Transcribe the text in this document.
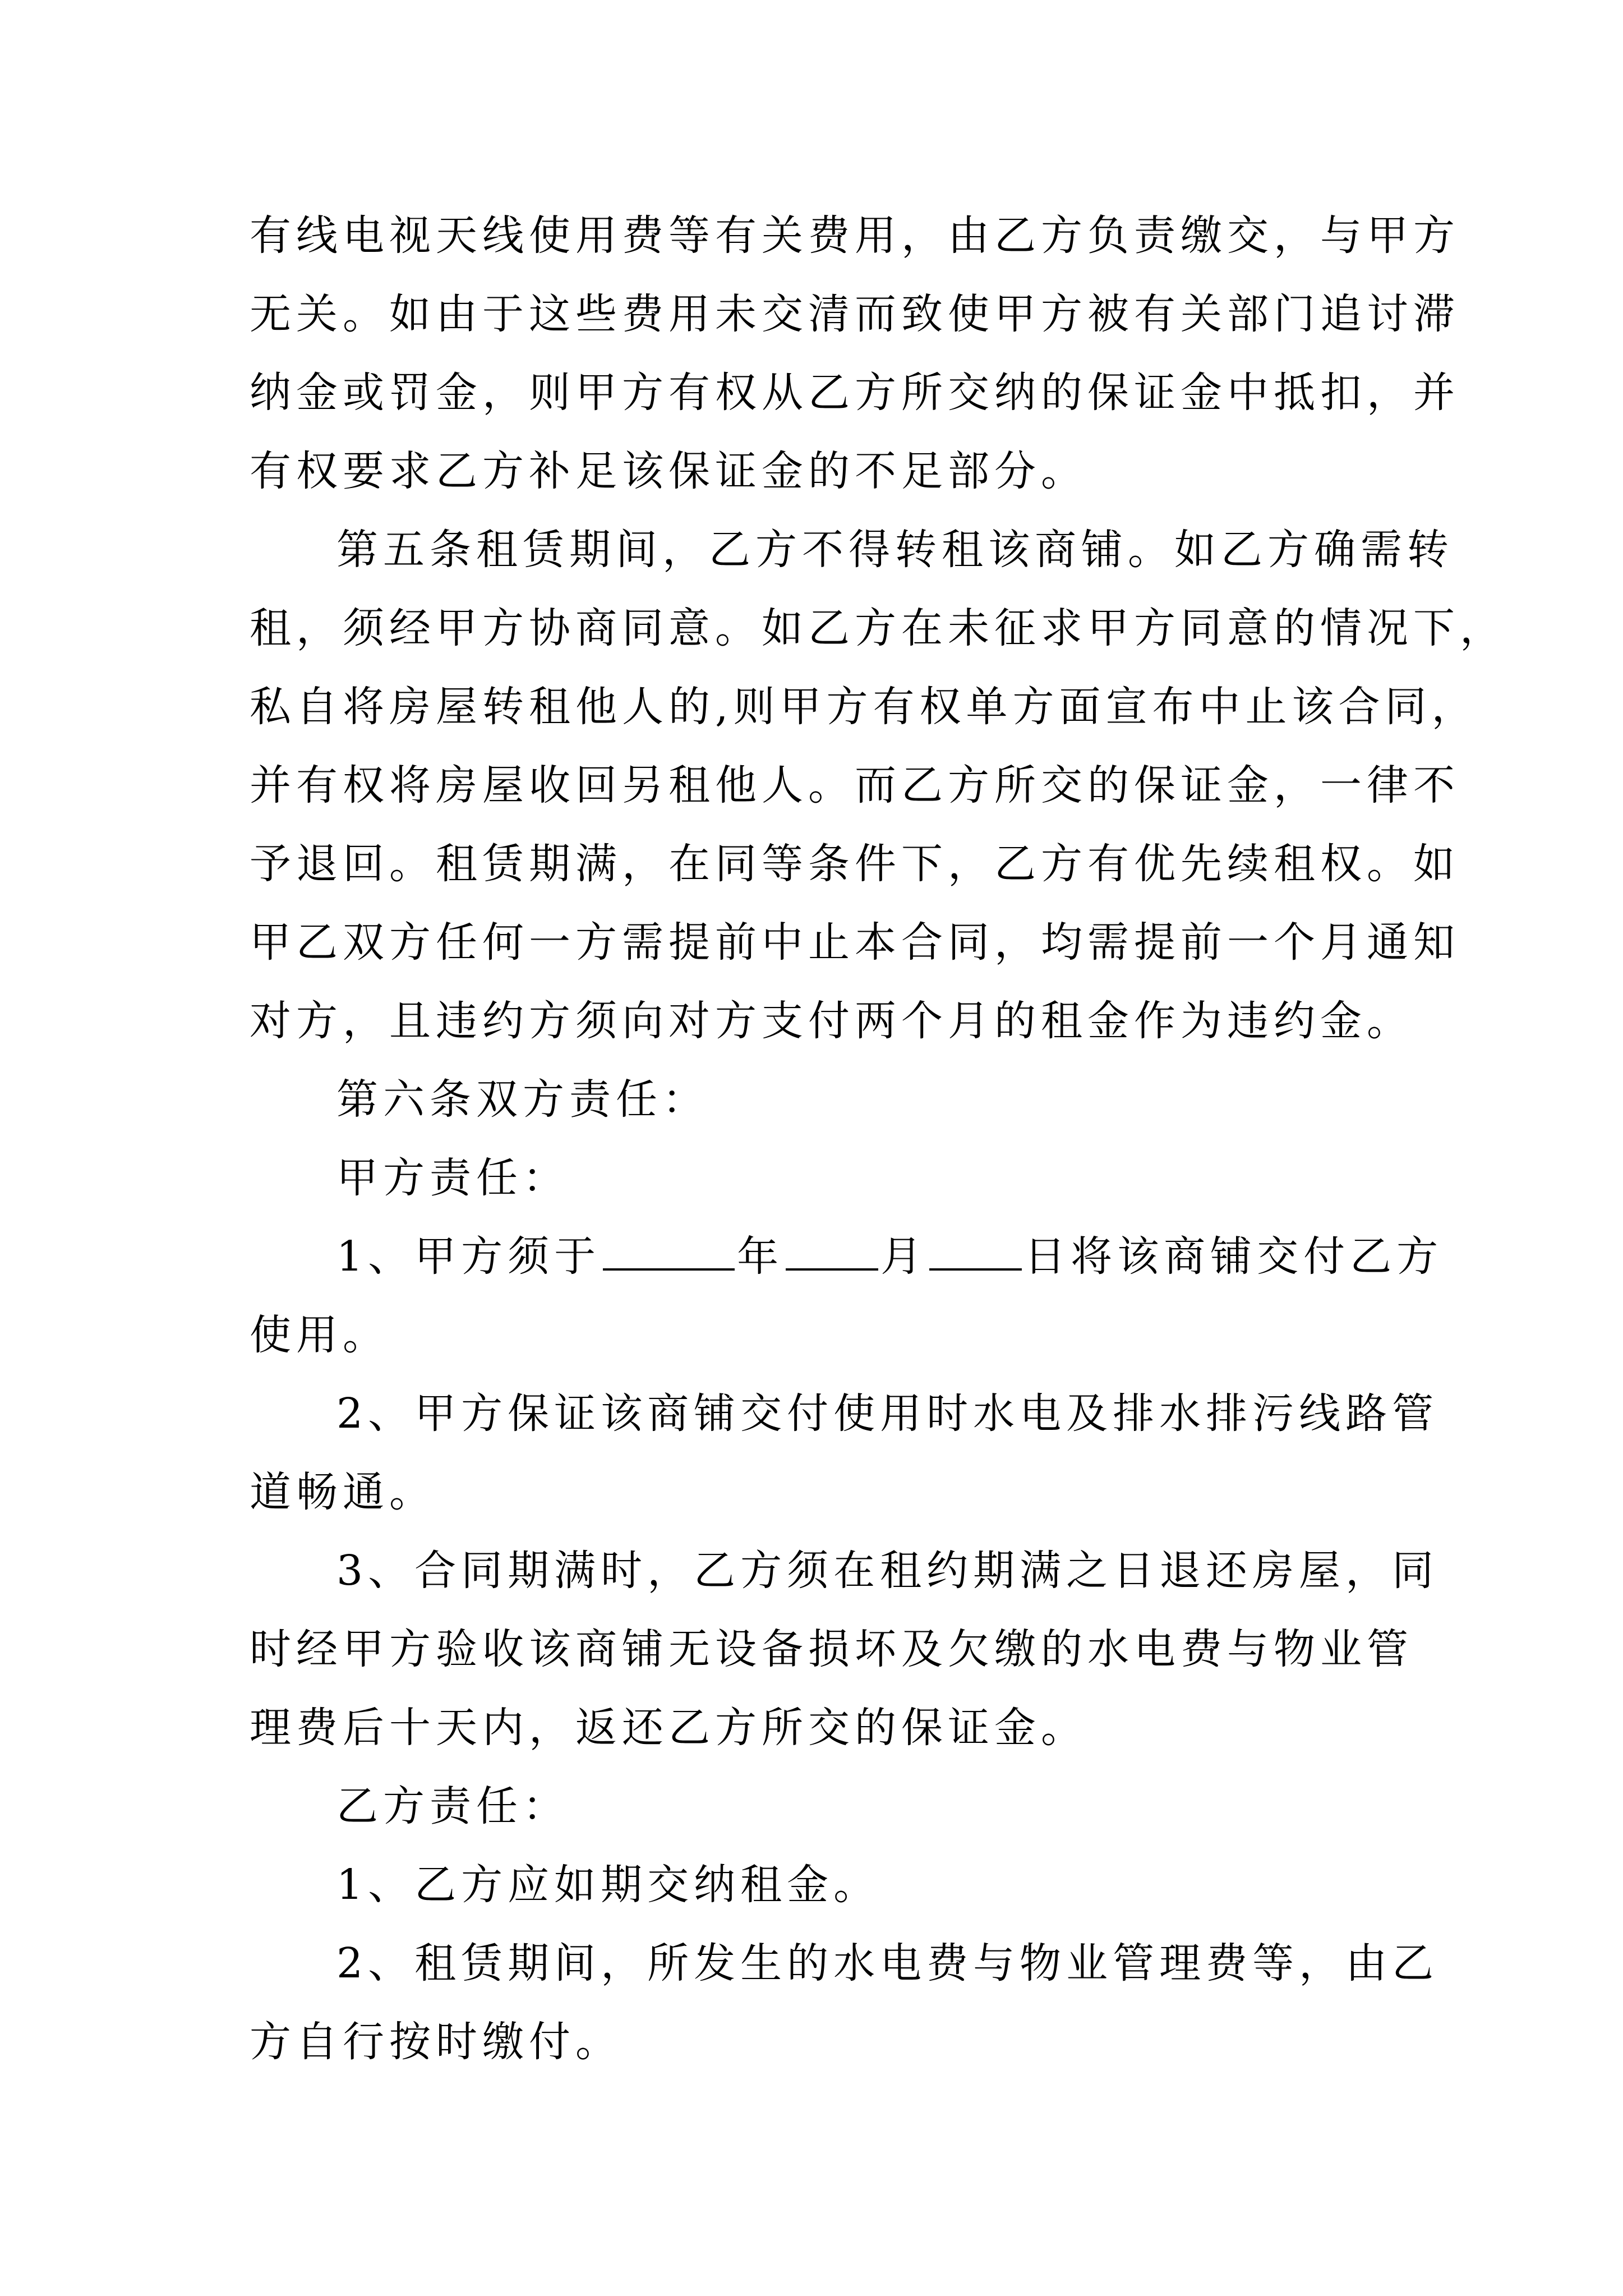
有线电视天线使用费等有关费用，由乙方负责缴交，与甲方
无关。如由于这些费用未交清而致使甲方被有关部门追讨滞
纳金或罚金，则甲方有权从乙方所交纳的保证金中抵扣，并
有权要求乙方补足该保证金的不足部分。
第五条租赁期间，乙方不得转租该商铺。如乙方确需转
租，须经甲方协商同意。如乙方在未征求甲方同意的情况下，
私自将房屋转租他人的,则甲方有权单方面宣布中止该合同，
并有权将房屋收回另租他人。而乙方所交的保证金，一律不
予退回。租赁期满，在同等条件下，乙方有优先续租权。如
甲乙双方任何一方需提前中止本合同，均需提前一个月通知
对方，且违约方须向对方支付两个月的租金作为违约金。
第六条双方责任：
甲方责任：
1、甲方须于	年 月 日将该商铺交付乙方
使用。
2、甲方保证该商铺交付使用时水电及排水排污线路管
道畅通。
3、合同期满时，乙方须在租约期满之日退还房屋，同
时经甲方验收该商铺无设备损坏及欠缴的水电费与物业管
理费后十天内，返还乙方所交的保证金。
乙方责任：
1、乙方应如期交纳租金。
2、租赁期间，所发生的水电费与物业管理费等，由乙
方自行按时缴付。
